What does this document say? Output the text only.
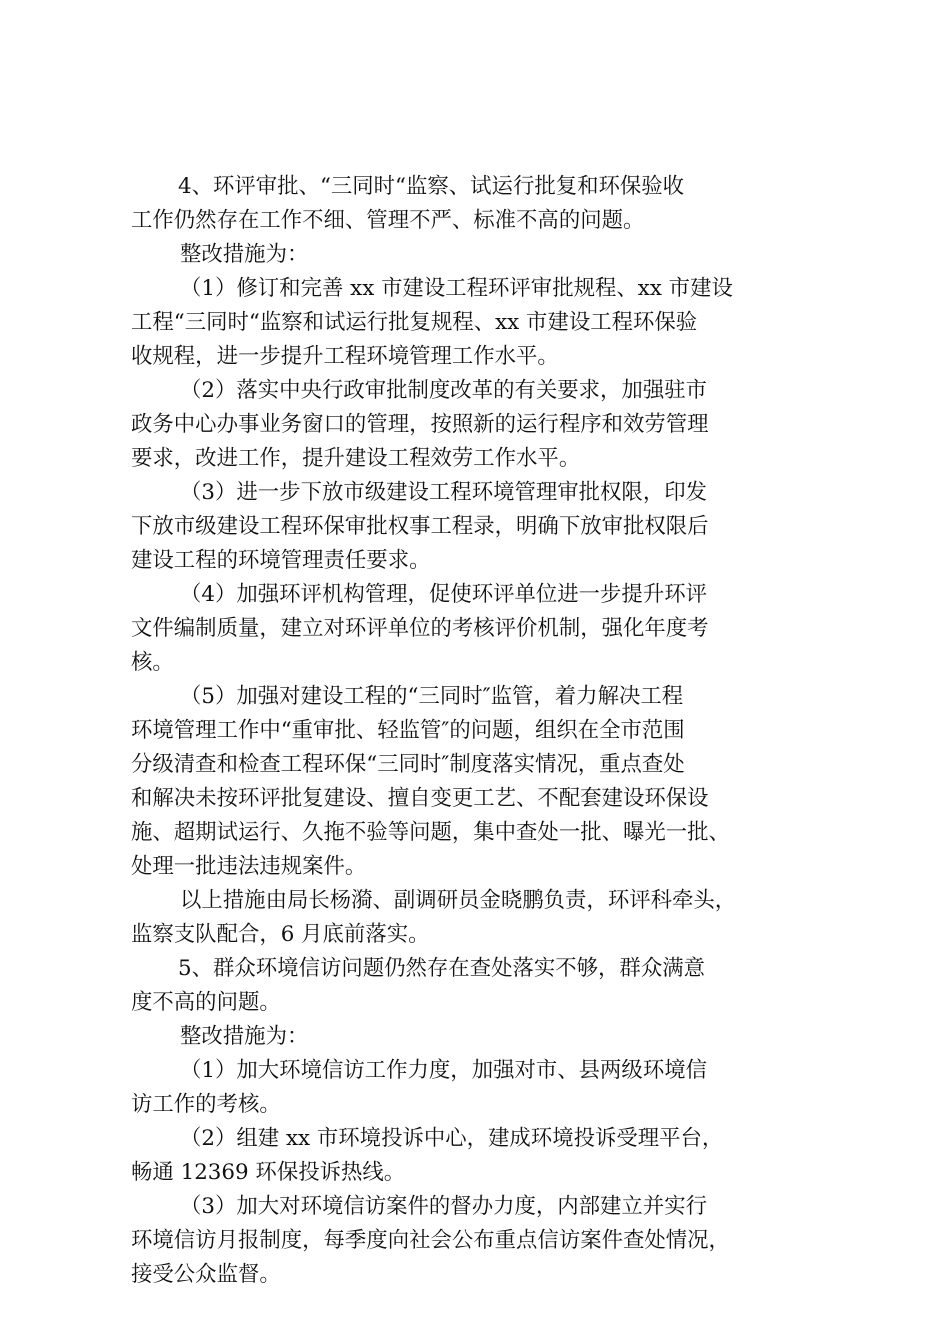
4、环评审批、“三同时“监察、试运行批复和环保验收
工作仍然存在工作不细、管理不严、标准不高的问题。
整改措施为：
（1）修订和完善 xx 市建设工程环评审批规程、xx 市建设
工程“三同时“监察和试运行批复规程、xx 市建设工程环保验
收规程，进一步提升工程环境管理工作水平。
（2）落实中央行政审批制度改革的有关要求，加强驻市
政务中心办事业务窗口的管理，按照新的运行程序和效劳管理
要求，改进工作，提升建设工程效劳工作水平。
（3）进一步下放市级建设工程环境管理审批权限，印发
下放市级建设工程环保审批权事工程录，明确下放审批权限后
建设工程的环境管理责任要求。
（4）加强环评机构管理，促使环评单位进一步提升环评
文件编制质量，建立对环评单位的考核评价机制，强化年度考
核。
（5）加强对建设工程的“三同时″监管，着力解决工程
环境管理工作中“重审批、轻监管″的问题，组织在全市范围
分级清查和检查工程环保“三同时″制度落实情况，重点查处
和解决未按环评批复建设、擅自变更工艺、不配套建设环保设
施、超期试运行、久拖不验等问题，集中查处一批、曝光一批、
处理一批违法违规案件。
以上措施由局长杨漪、副调研员金晓鹏负责，环评科牵头，
监察支队配合，6 月底前落实。
5、群众环境信访问题仍然存在查处落实不够，群众满意
度不高的问题。
整改措施为：
（1）加大环境信访工作力度，加强对市、县两级环境信
访工作的考核。
（2）组建 xx 市环境投诉中心，建成环境投诉受理平台，
畅通 12369 环保投诉热线。
（3）加大对环境信访案件的督办力度，内部建立并实行
环境信访月报制度，每季度向社会公布重点信访案件查处情况，
接受公众监督。
